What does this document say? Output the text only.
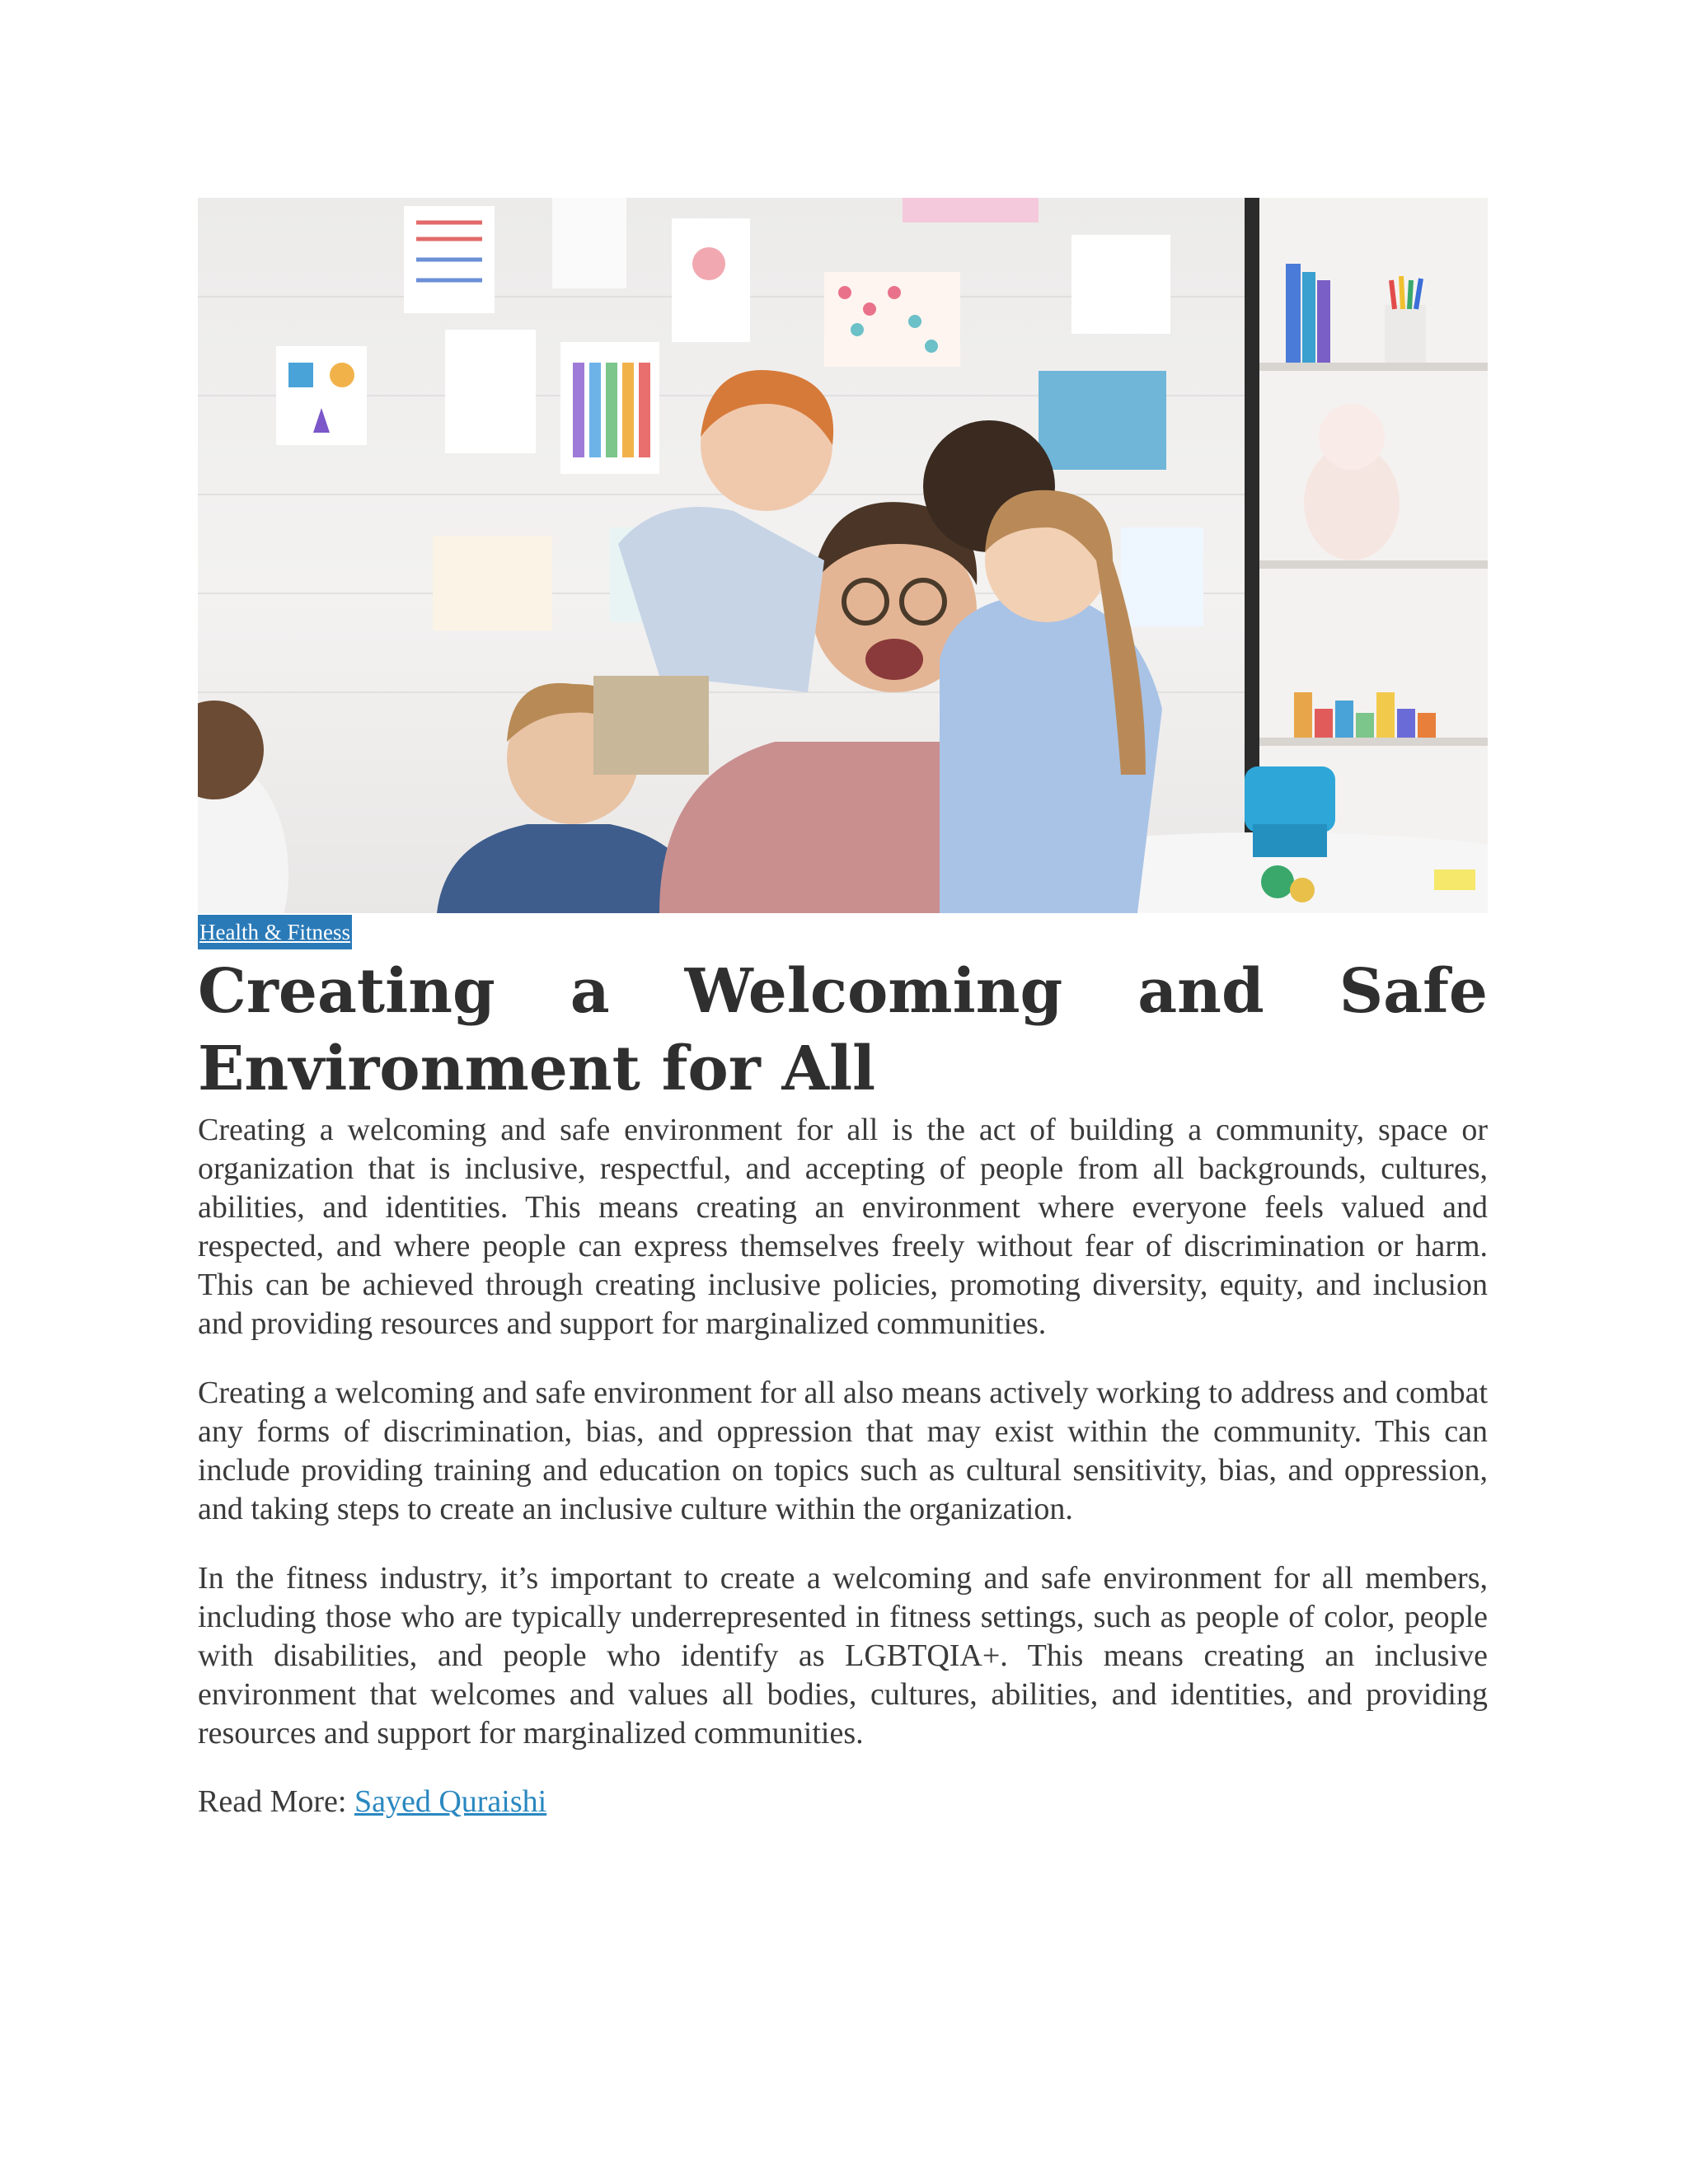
Health & Fitness
Creating a Welcoming and Safe
Environment for All

Creating a welcoming and safe environment for all is the act of building a community, space or organization that is inclusive, respectful, and accepting of people from all backgrounds, cultures, abilities, and identities. This means creating an environment where everyone feels valued and respected, and where people can express themselves freely without fear of discrimination or harm. This can be achieved through creating inclusive policies, promoting diversity, equity, and inclusion and providing resources and support for marginalized communities.

Creating a welcoming and safe environment for all also means actively working to address and combat any forms of discrimination, bias, and oppression that may exist within the community. This can include providing training and education on topics such as cultural sensitivity, bias, and oppression, and taking steps to create an inclusive culture within the organization.

In the fitness industry, it’s important to create a welcoming and safe environment for all members, including those who are typically underrepresented in fitness settings, such as people of color, people with disabilities, and people who identify as LGBTQIA+. This means creating an inclusive environment that welcomes and values all bodies, cultures, abilities, and identities, and providing resources and support for marginalized communities.

Read More: Sayed Quraishi
